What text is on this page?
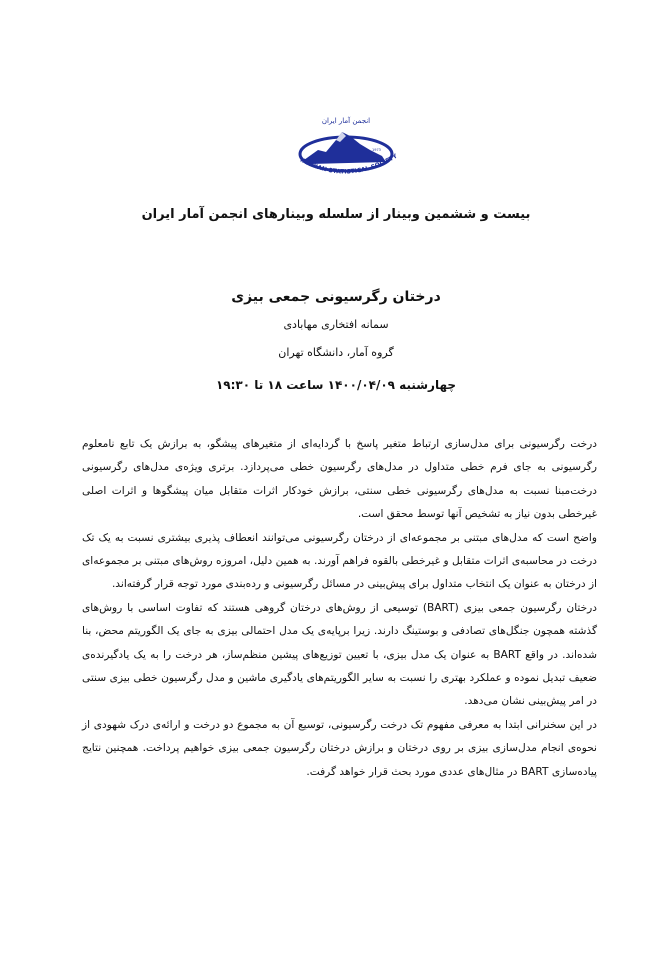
انجمن آمار ایران
1973
IRANIAN STATISTICAL SOCIETY
بیست و ششمین وبینار از سلسله وبینارهای انجمن آمار ایران
درختان رگرسیونی جمعی بیزی
سمانه افتخاری مهابادی
گروه آمار، دانشگاه تهران
چهارشنبه ۱۴۰۰/۰۴/۰۹ ساعت ۱۸ تا ۱۹:۳۰

درخت رگرسیونی برای مدل‌سازی ارتباط متغیر پاسخ با گردایه‌ای از متغیرهای پیشگو، به برازش یک تابع نامعلوم رگرسیونی به جای فرم خطی متداول در مدل‌های رگرسیون خطی می‌پردازد. برتری ویژه‌ی مدل‌های رگرسیونی درخت‌مبنا نسبت به مدل‌های رگرسیونی خطی سنتی، برازش خودکار اثرات متقابل میان پیشگوها و اثرات اصلی غیرخطی بدون نیاز به تشخیص آنها توسط محقق است.

واضح است که مدل‌های مبتنی بر مجموعه‌ای از درختان رگرسیونی می‌توانند انعطاف پذیری بیشتری نسبت به یک تک درخت در محاسبه‌ی اثرات متقابل و غیرخطی بالقوه فراهم آورند. به همین دلیل، امروزه روش‌های مبتنی بر مجموعه‌ای از درختان به عنوان یک انتخاب متداول برای پیش‌بینی در مسائل رگرسیونی و رده‌بندی مورد توجه قرار گرفته‌اند.

درختان رگرسیون جمعی بیزی (BART) توسیعی از روش‌های درختان گروهی هستند که تفاوت اساسی با روش‌های گذشته همچون جنگل‌های تصادفی و بوستینگ دارند. زیرا برپایه‌ی یک مدل احتمالی بیزی به جای یک الگوریتم محض، بنا شده‌اند. در واقع BART به عنوان یک مدل بیزی، با تعیین توزیع‌های پیشین منظم‌ساز، هر درخت را به یک یادگیرنده‌ی ضعیف تبدیل نموده و عملکرد بهتری را نسبت به سایر الگوریتم‌های یادگیری ماشین و مدل رگرسیون خطی بیزی سنتی در امر پیش‌بینی نشان می‌دهد.

در این سخنرانی ابتدا به معرفی مفهوم تک درخت رگرسیونی، توسیع آن به مجموع دو درخت و ارائه‌ی درک شهودی از نحوه‌ی انجام مدل‌سازی بیزی بر روی درختان و برازش درختان رگرسیون جمعی بیزی خواهیم پرداخت. همچنین نتایج پیاده‌سازی BART در مثال‌های عددی مورد بحث قرار خواهد گرفت.
